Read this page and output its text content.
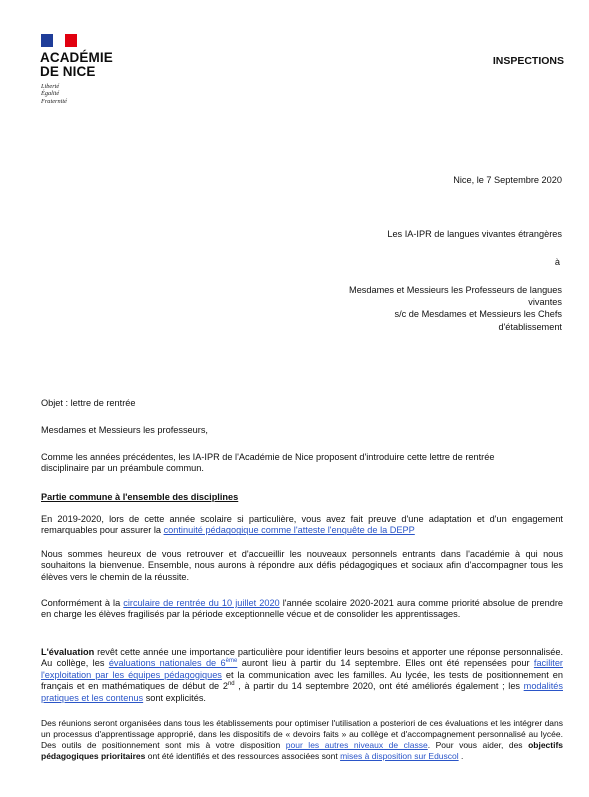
ACADÉMIE
DE NICE
Liberté
Égalité
Fraternité
INSPECTIONS
Nice, le 7 Septembre 2020
Les IA-IPR de langues vivantes étrangères
à
Mesdames et Messieurs les Professeurs de langues
vivantes
s/c de Mesdames et Messieurs les Chefs
d'établissement
Objet : lettre de rentrée
Mesdames et Messieurs les professeurs,
Comme les années précédentes, les IA-IPR de l'Académie de Nice proposent d'introduire cette lettre de rentrée
disciplinaire par un préambule commun.
Partie commune à l'ensemble des disciplines

En 2019-2020, lors de cette année scolaire si particulière, vous avez fait preuve d'une adaptation et d'un engagement remarquables pour assurer la continuité pédagogique comme l'atteste l'enquête de la DEPP

Nous sommes heureux de vous retrouver et d'accueillir les nouveaux personnels entrants dans l'académie à qui nous souhaitons la bienvenue. Ensemble, nous aurons à répondre aux défis pédagogiques et sociaux afin d'accompagner tous les élèves vers le chemin de la réussite.

Conformément à la circulaire de rentrée du 10 juillet 2020 l'année scolaire 2020-2021 aura comme priorité absolue de prendre en charge les élèves fragilisés par la période exceptionnelle vécue et de consolider les apprentissages.

L'évaluation revêt cette année une importance particulière pour identifier leurs besoins et apporter une réponse personnalisée. Au collège, les évaluations nationales de 6ème auront lieu à partir du 14 septembre. Elles ont été repensées pour faciliter l'exploitation par les équipes pédagogiques et la communication avec les familles. Au lycée, les tests de positionnement en français et en mathématiques de début de 2nd , à partir du 14 septembre 2020, ont été améliorés également ; les modalités pratiques et les contenus sont explicités.

Des réunions seront organisées dans tous les établissements pour optimiser l'utilisation a posteriori de ces évaluations et les intégrer dans un processus d'apprentissage approprié, dans les dispositifs de « devoirs faits » au collège et d'accompagnement personnalisé au lycée. Des outils de positionnement sont mis à votre disposition pour les autres niveaux de classe. Pour vous aider, des objectifs pédagogiques prioritaires ont été identifiés et des ressources associées sont mises à disposition sur Eduscol .
